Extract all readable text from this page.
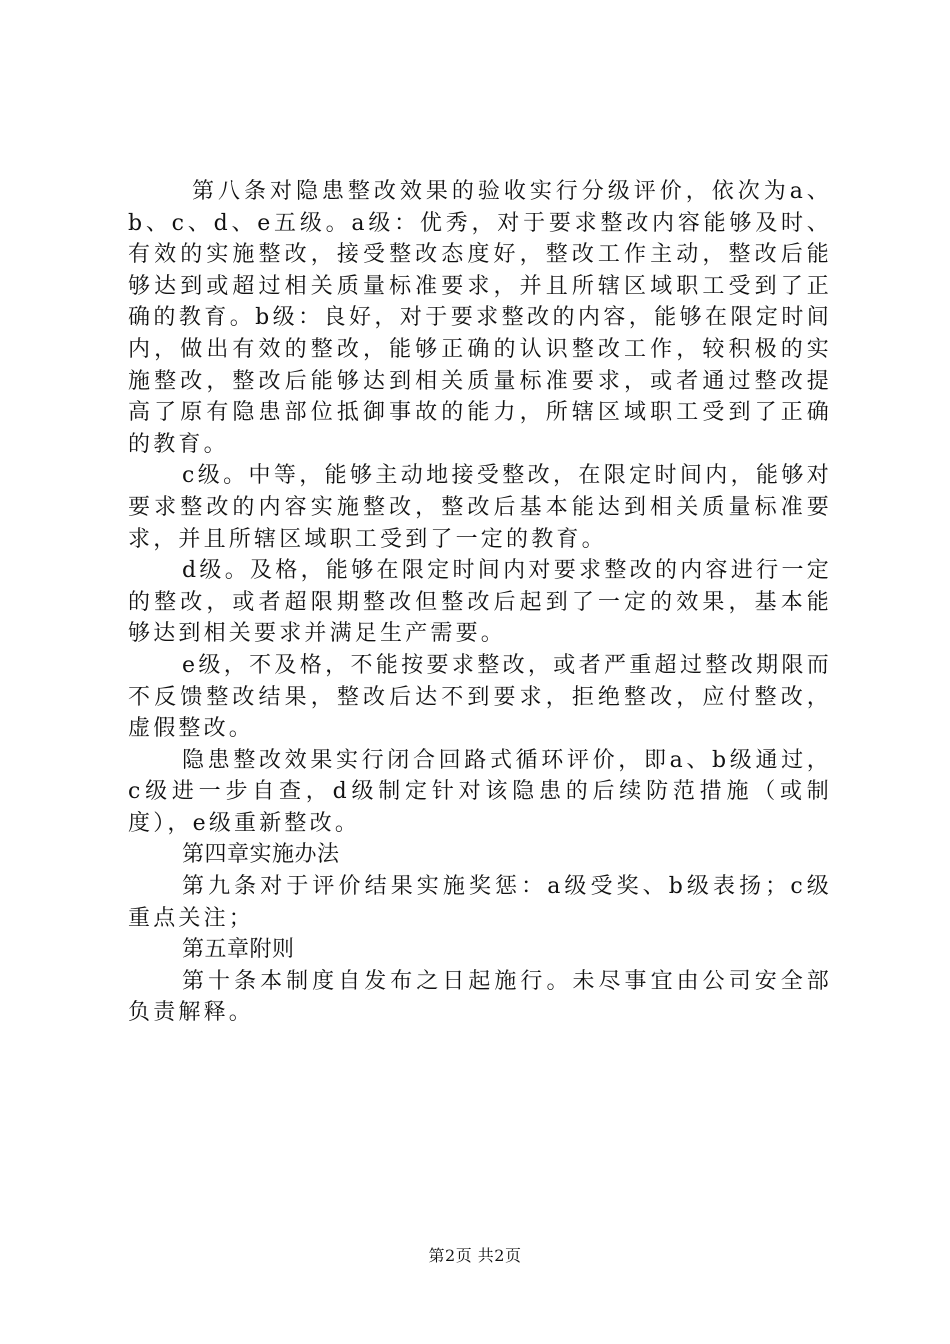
第八条对隐患整改效果的验收实行分级评价，依次为a、b、c、d、e五级。a级：优秀，对于要求整改内容能够及时、有效的实施整改，接受整改态度好，整改工作主动，整改后能够达到或超过相关质量标准要求，并且所辖区域职工受到了正确的教育。b级：良好，对于要求整改的内容，能够在限定时间内，做出有效的整改，能够正确的认识整改工作，较积极的实施整改，整改后能够达到相关质量标准要求，或者通过整改提高了原有隐患部位抵御事故的能力，所辖区域职工受到了正确的教育。

c级。中等，能够主动地接受整改，在限定时间内，能够对要求整改的内容实施整改，整改后基本能达到相关质量标准要求，并且所辖区域职工受到了一定的教育。

d级。及格，能够在限定时间内对要求整改的内容进行一定的整改，或者超限期整改但整改后起到了一定的效果，基本能够达到相关要求并满足生产需要。

e级，不及格，不能按要求整改，或者严重超过整改期限而不反馈整改结果，整改后达不到要求，拒绝整改，应付整改，虚假整改。

隐患整改效果实行闭合回路式循环评价，即a、b级通过，c级进一步自查，d级制定针对该隐患的后续防范措施（或制度），e级重新整改。

第四章实施办法

第九条对于评价结果实施奖惩：a级受奖、b级表扬；c级重点关注；

第五章附则

第十条本制度自发布之日起施行。未尽事宜由公司安全部负责解释。

第2页 共2页
